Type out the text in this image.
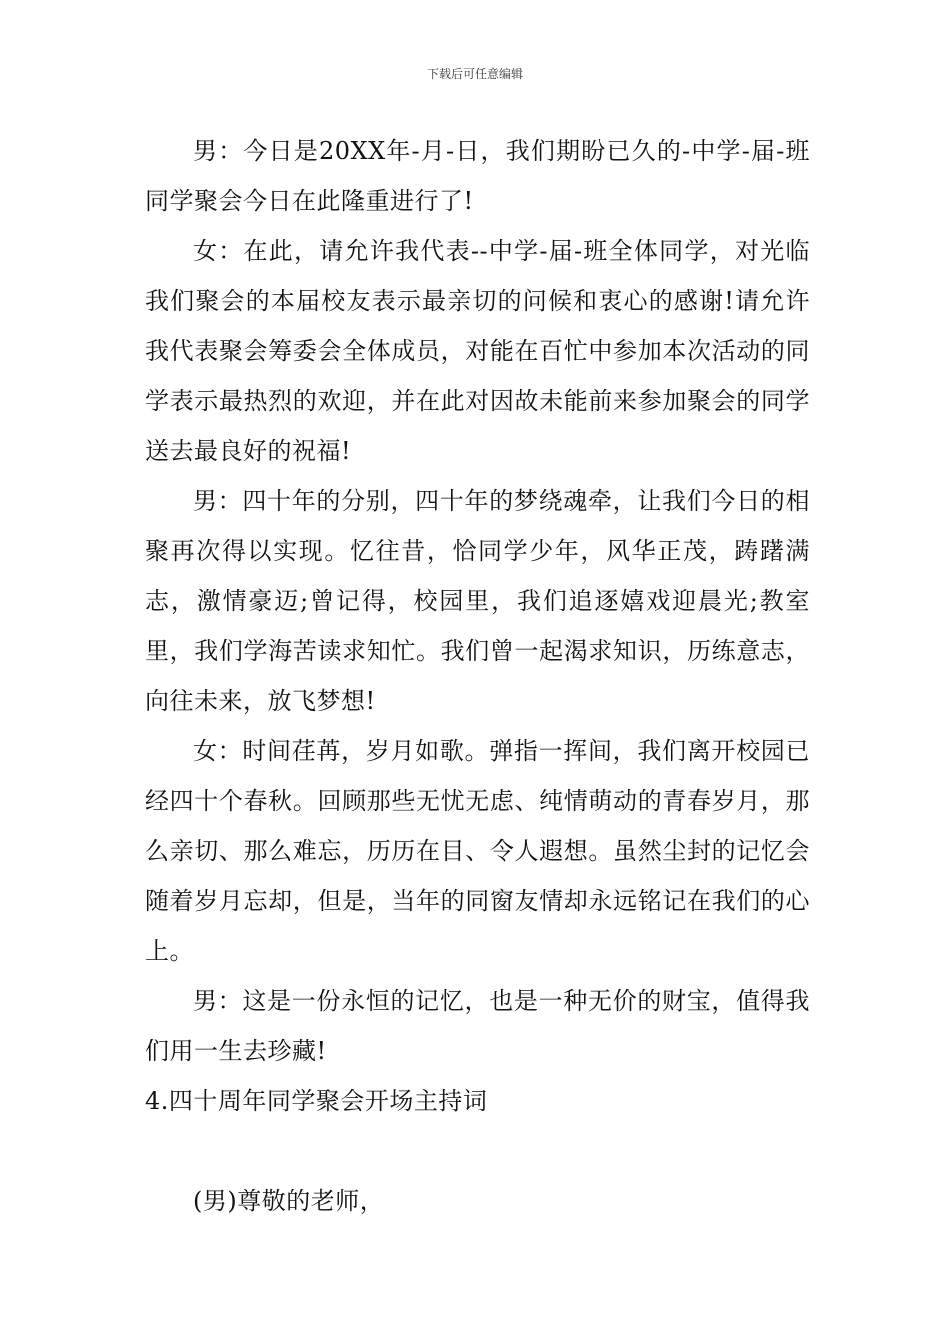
下载后可任意编辑

男：今日是20XX年-月-日，我们期盼已久的-中学-届-班同学聚会今日在此隆重进行了!

女：在此，请允许我代表--中学-届-班全体同学，对光临我们聚会的本届校友表示最亲切的问候和衷心的感谢!请允许我代表聚会筹委会全体成员，对能在百忙中参加本次活动的同学表示最热烈的欢迎，并在此对因故未能前来参加聚会的同学送去最良好的祝福!

男：四十年的分别，四十年的梦绕魂牵，让我们今日的相聚再次得以实现。忆往昔，恰同学少年，风华正茂，踌躇满志，激情豪迈;曾记得，校园里，我们追逐嬉戏迎晨光;教室里，我们学海苦读求知忙。我们曾一起渴求知识，历练意志，向往未来，放飞梦想!

女：时间荏苒，岁月如歌。弹指一挥间，我们离开校园已经四十个春秋。回顾那些无忧无虑、纯情萌动的青春岁月，那么亲切、那么难忘，历历在目、令人遐想。虽然尘封的记忆会随着岁月忘却，但是，当年的同窗友情却永远铭记在我们的心上。

男：这是一份永恒的记忆，也是一种无价的财宝，值得我们用一生去珍藏!

4.四十周年同学聚会开场主持词

(男)尊敬的老师，
